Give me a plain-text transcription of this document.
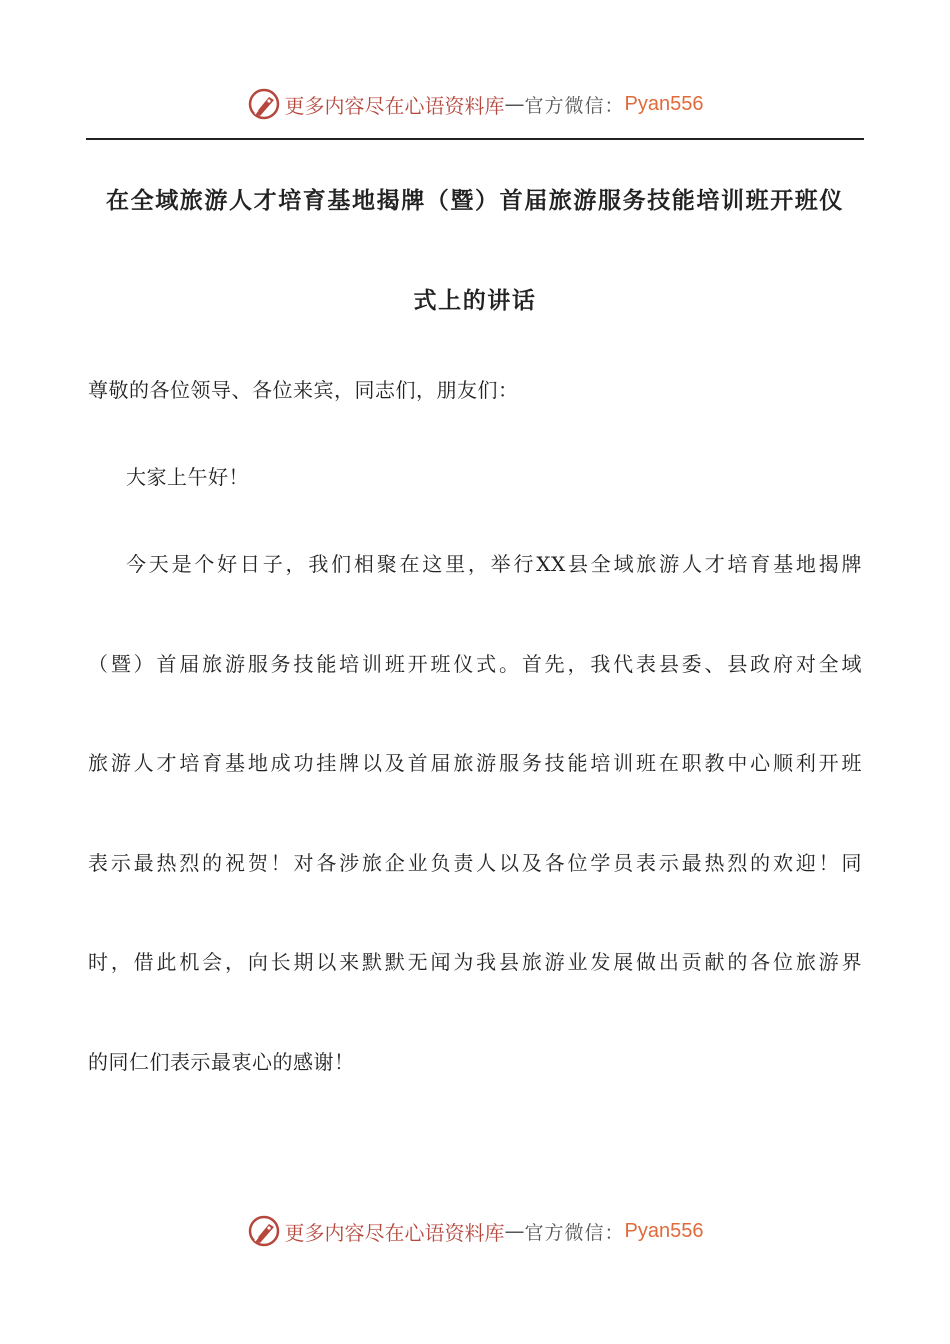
更多内容尽在心语资料库 — 官方微信： Pyan556
在全域旅游人才培育基地揭牌（暨）首届旅游服务技能培训班开班仪
式上的讲话
尊敬的各位领导、各位来宾，同志们，朋友们：
大家上午好！
今天是个好日子，我们相聚在这里，举行XX县全域旅游人才培育基地揭牌
（暨）首届旅游服务技能培训班开班仪式。首先，我代表县委、县政府对全域
旅游人才培育基地成功挂牌以及首届旅游服务技能培训班在职教中心顺利开班
表示最热烈的祝贺！对各涉旅企业负责人以及各位学员表示最热烈的欢迎！同
时，借此机会，向长期以来默默无闻为我县旅游业发展做出贡献的各位旅游界
的同仁们表示最衷心的感谢！
更多内容尽在心语资料库 — 官方微信： Pyan556
